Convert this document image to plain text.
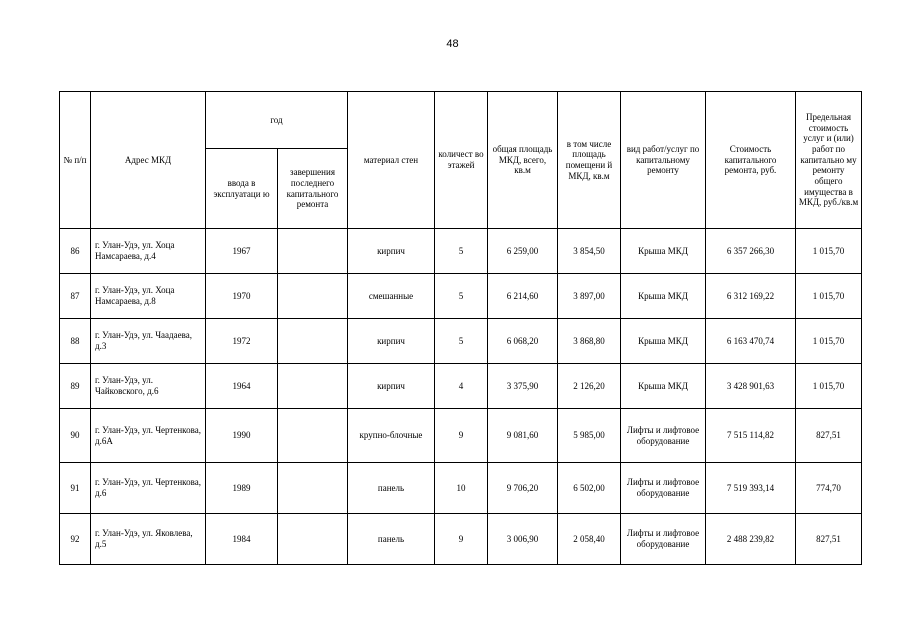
48
№ п/п	Адрес МКД	год		материал стен	количест во этажей	общая площадь МКД, всего, кв.м	в том числе площадь помещени й МКД, кв.м	вид работ/услуг по капитальному ремонту	Стоимость капитального ремонта, руб.	Предельная стоимость услуг и (или) работ по капитально му ремонту общего имущества в МКД, руб./кв.м
		ввода в эксплуатаци ю	завершения последнего капитального ремонта							
86	г. Улан-Удэ, ул. Хоца Намсараева, д.4	1967		кирпич	5	6 259,00	3 854,50	Крыша МКД	6 357 266,30	1 015,70
87	г. Улан-Удэ, ул. Хоца Намсараева, д.8	1970		смешанные	5	6 214,60	3 897,00	Крыша МКД	6 312 169,22	1 015,70
88	г. Улан-Удэ, ул. Чаадаева, д.3	1972		кирпич	5	6 068,20	3 868,80	Крыша МКД	6 163 470,74	1 015,70
89	г. Улан-Удэ, ул. Чайковского, д.6	1964		кирпич	4	3 375,90	2 126,20	Крыша МКД	3 428 901,63	1 015,70
90	г. Улан-Удэ, ул. Чертенкова, д.6А	1990		крупно-блочные	9	9 081,60	5 985,00	Лифты и лифтовое оборудование	7 515 114,82	827,51
91	г. Улан-Удэ, ул. Чертенкова, д.6	1989		панель	10	9 706,20	6 502,00	Лифты и лифтовое оборудование	7 519 393,14	774,70
92	г. Улан-Удэ, ул. Яковлева, д.5	1984		панель	9	3 006,90	2 058,40	Лифты и лифтовое оборудование	2 488 239,82	827,51
